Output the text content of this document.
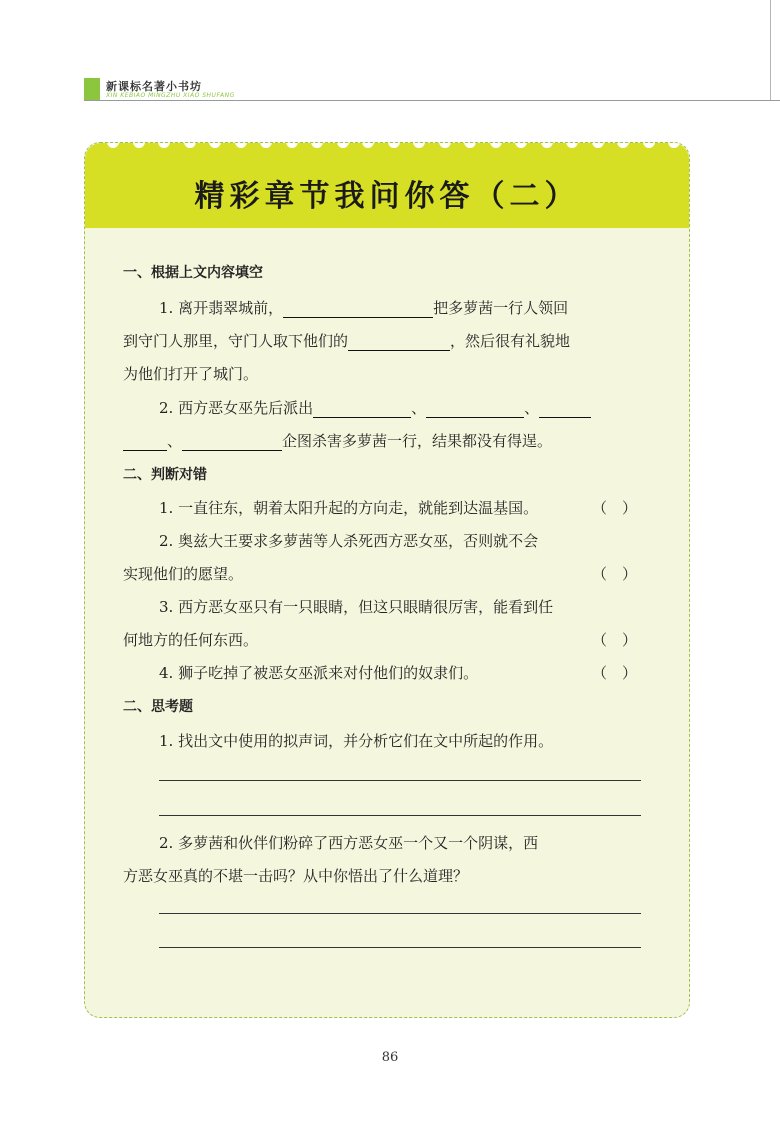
新课标名著小书坊
XIN KEBIAO MINGZHU XIAO SHUFANG
精彩章节我问你答（二）
一、根据上文内容填空
1. 离开翡翠城前，	把多萝茜一行人领回
到守门人那里，守门人取下他们的	，然后很有礼貌地
为他们打开了城门。
2. 西方恶女巫先后派出	、	、
、	企图杀害多萝茜一行，结果都没有得逞。
二、判断对错
1. 一直往东，朝着太阳升起的方向走，就能到达温基国。	（　）
2. 奥兹大王要求多萝茜等人杀死西方恶女巫，否则就不会
实现他们的愿望。	（　）
3. 西方恶女巫只有一只眼睛，但这只眼睛很厉害，能看到任
何地方的任何东西。	（　）
4. 狮子吃掉了被恶女巫派来对付他们的奴隶们。	（　）
二、思考题
1. 找出文中使用的拟声词，并分析它们在文中所起的作用。
2. 多萝茜和伙伴们粉碎了西方恶女巫一个又一个阴谋，西
方恶女巫真的不堪一击吗？从中你悟出了什么道理？
86
